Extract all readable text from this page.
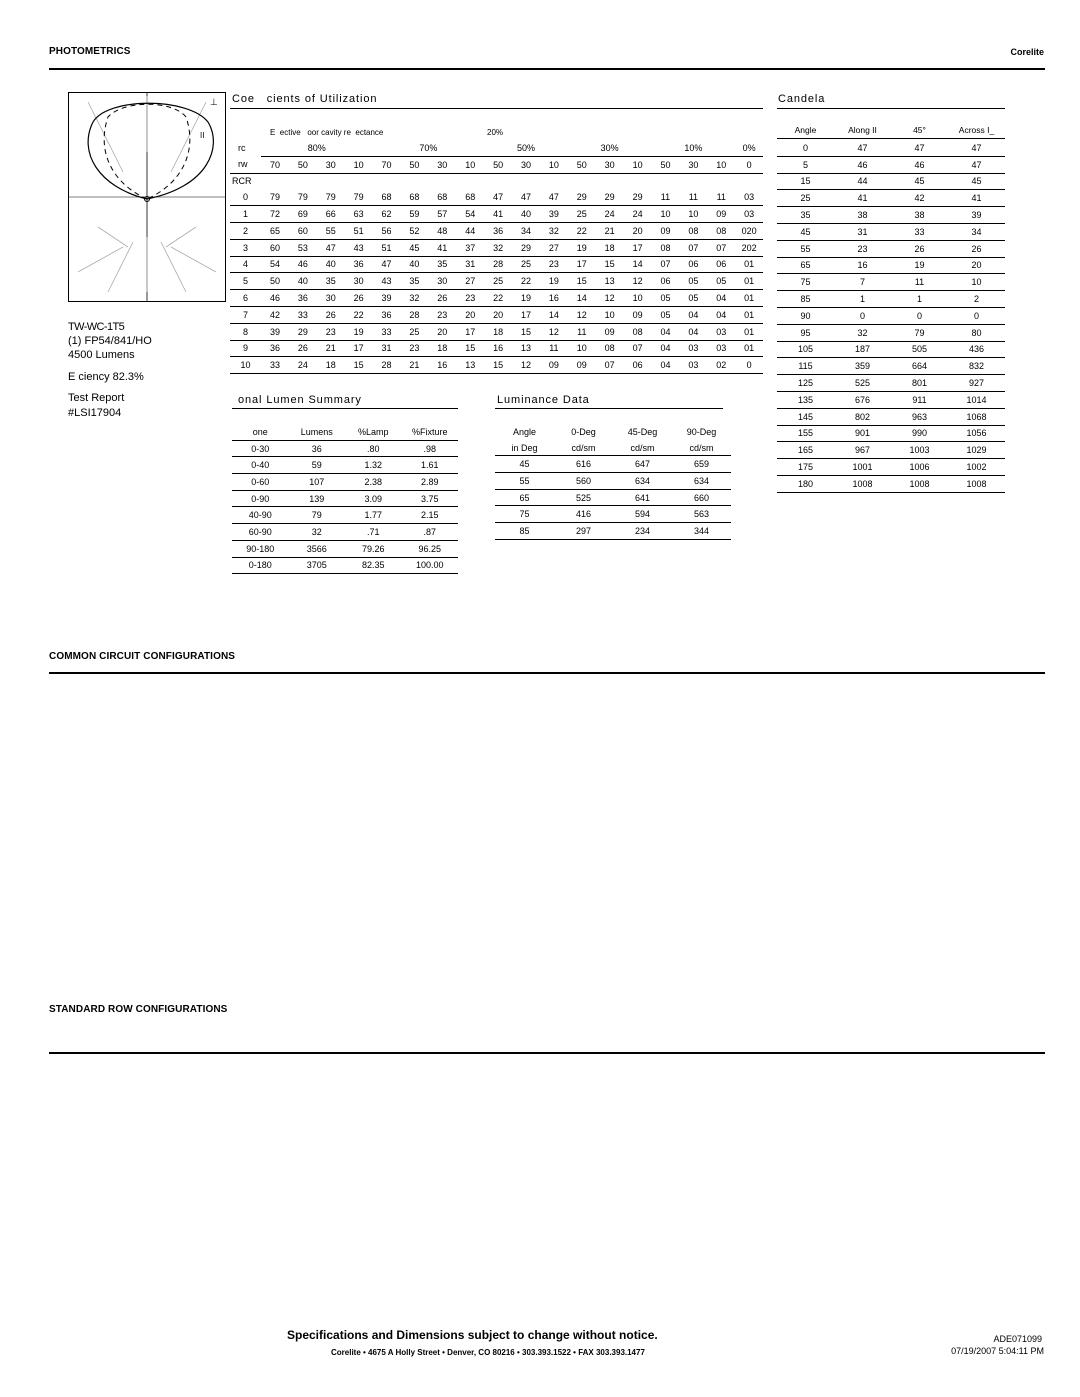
PHOTOMETRICS	Corelite
⊥
II
TW-WC-1T5
(1) FP54/841/HO
4500 Lumens
E ciency 82.3%
Test Report
#LSI17904
Coe   cients of Utilization
E  ective   oor cavity re  ectance	20%
rc	80%				70%				50%			30%			10%			0%
rw	70	50	30	10	70	50	30	10	50	30	10	50	30	10	50	30	10	0
RCR																		
0	79	79	79	79	68	68	68	68	47	47	47	29	29	29	11	11	11	03
1	72	69	66	63	62	59	57	54	41	40	39	25	24	24	10	10	09	03
2	65	60	55	51	56	52	48	44	36	34	32	22	21	20	09	08	08	020
3	60	53	47	43	51	45	41	37	32	29	27	19	18	17	08	07	07	202
4	54	46	40	36	47	40	35	31	28	25	23	17	15	14	07	06	06	01
5	50	40	35	30	43	35	30	27	25	22	19	15	13	12	06	05	05	01
6	46	36	30	26	39	32	26	23	22	19	16	14	12	10	05	05	04	01
7	42	33	26	22	36	28	23	20	20	17	14	12	10	09	05	04	04	01
8	39	29	23	19	33	25	20	17	18	15	12	11	09	08	04	04	03	01
9	36	26	21	17	31	23	18	15	16	13	11	10	08	07	04	03	03	01
10	33	24	18	15	28	21	16	13	15	12	09	09	07	06	04	03	02	0
Candela
Angle	Along II	45°	Across I_
0	47	47	47
5	46	46	47
15	44	45	45
25	41	42	41
35	38	38	39
45	31	33	34
55	23	26	26
65	16	19	20
75	7	11	10
85	1	1	2
90	0	0	0
95	32	79	80
105	187	505	436
115	359	664	832
125	525	801	927
135	676	911	1014
145	802	963	1068
155	901	990	1056
165	967	1003	1029
175	1001	1006	1002
180	1008	1008	1008
onal Lumen Summary
one	Lumens	%Lamp	%Fixture
0-30	36	.80	.98
0-40	59	1.32	1.61
0-60	107	2.38	2.89
0-90	139	3.09	3.75
40-90	79	1.77	2.15
60-90	32	.71	.87
90-180	3566	79.26	96.25
0-180	3705	82.35	100.00
Luminance Data
Angle	0-Deg	45-Deg	90-Deg
in Deg	cd/sm	cd/sm	cd/sm
45	616	647	659
55	560	634	634
65	525	641	660
75	416	594	563
85	297	234	344
COMMON CIRCUIT CONFIGURATIONS
STANDARD ROW CONFIGURATIONS
Specifications and Dimensions subject to change without notice.
Corelite • 4675 A Holly Street • Denver, CO 80216 • 303.393.1522 • FAX 303.393.1477
ADE071099
07/19/2007 5:04:11 PM
